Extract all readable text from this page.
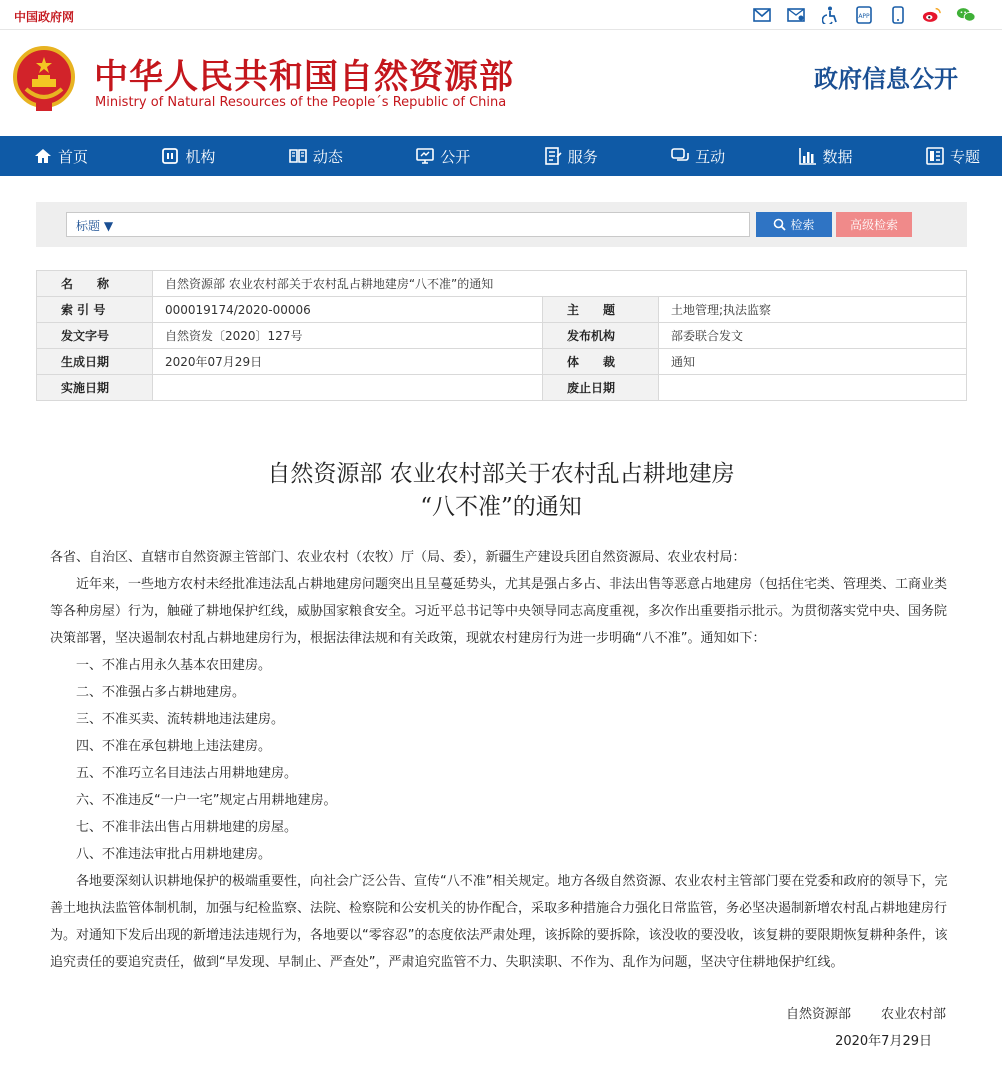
中国政府网	APP
中华人民共和国自然资源部
Ministry of Natural Resources of the People´s Republic of China
政府信息公开
首页	机构	动态	公开	服务	互动	数据	专题
标题 ▼	检索	高级检索
名　　称	自然资源部 农业农村部关于农村乱占耕地建房“八不准”的通知		
索 引 号	000019174/2020-00006	主　　题	土地管理;执法监察
发文字号	自然资发〔2020〕127号	发布机构	部委联合发文
生成日期	2020年07月29日	体　　裁	通知
实施日期		废止日期	
自然资源部 农业农村部关于农村乱占耕地建房
“八不准”的通知

各省、自治区、直辖市自然资源主管部门、农业农村（农牧）厅（局、委），新疆生产建设兵团自然资源局、农业农村局：

近年来，一些地方农村未经批准违法乱占耕地建房问题突出且呈蔓延势头，尤其是强占多占、非法出售等恶意占地建房（包括住宅类、管理类、工商业类等各种房屋）行为，触碰了耕地保护红线，威胁国家粮食安全。习近平总书记等中央领导同志高度重视，多次作出重要指示批示。为贯彻落实党中央、国务院决策部署，坚决遏制农村乱占耕地建房行为，根据法律法规和有关政策，现就农村建房行为进一步明确“八不准”。通知如下：

一、不准占用永久基本农田建房。

二、不准强占多占耕地建房。

三、不准买卖、流转耕地违法建房。

四、不准在承包耕地上违法建房。

五、不准巧立名目违法占用耕地建房。

六、不准违反“一户一宅”规定占用耕地建房。

七、不准非法出售占用耕地建的房屋。

八、不准违法审批占用耕地建房。

各地要深刻认识耕地保护的极端重要性，向社会广泛公告、宣传“八不准”相关规定。地方各级自然资源、农业农村主管部门要在党委和政府的领导下，完善土地执法监管体制机制，加强与纪检监察、法院、检察院和公安机关的协作配合，采取多种措施合力强化日常监管，务必坚决遏制新增农村乱占耕地建房行为。对通知下发后出现的新增违法违规行为，各地要以“零容忍”的态度依法严肃处理，该拆除的要拆除，该没收的要没收，该复耕的要限期恢复耕种条件，该追究责任的要追究责任，做到“早发现、早制止、严查处”，严肃追究监管不力、失职渎职、不作为、乱作为问题，坚决守住耕地保护红线。

自然资源部 农业农村部
2020年7月29日
